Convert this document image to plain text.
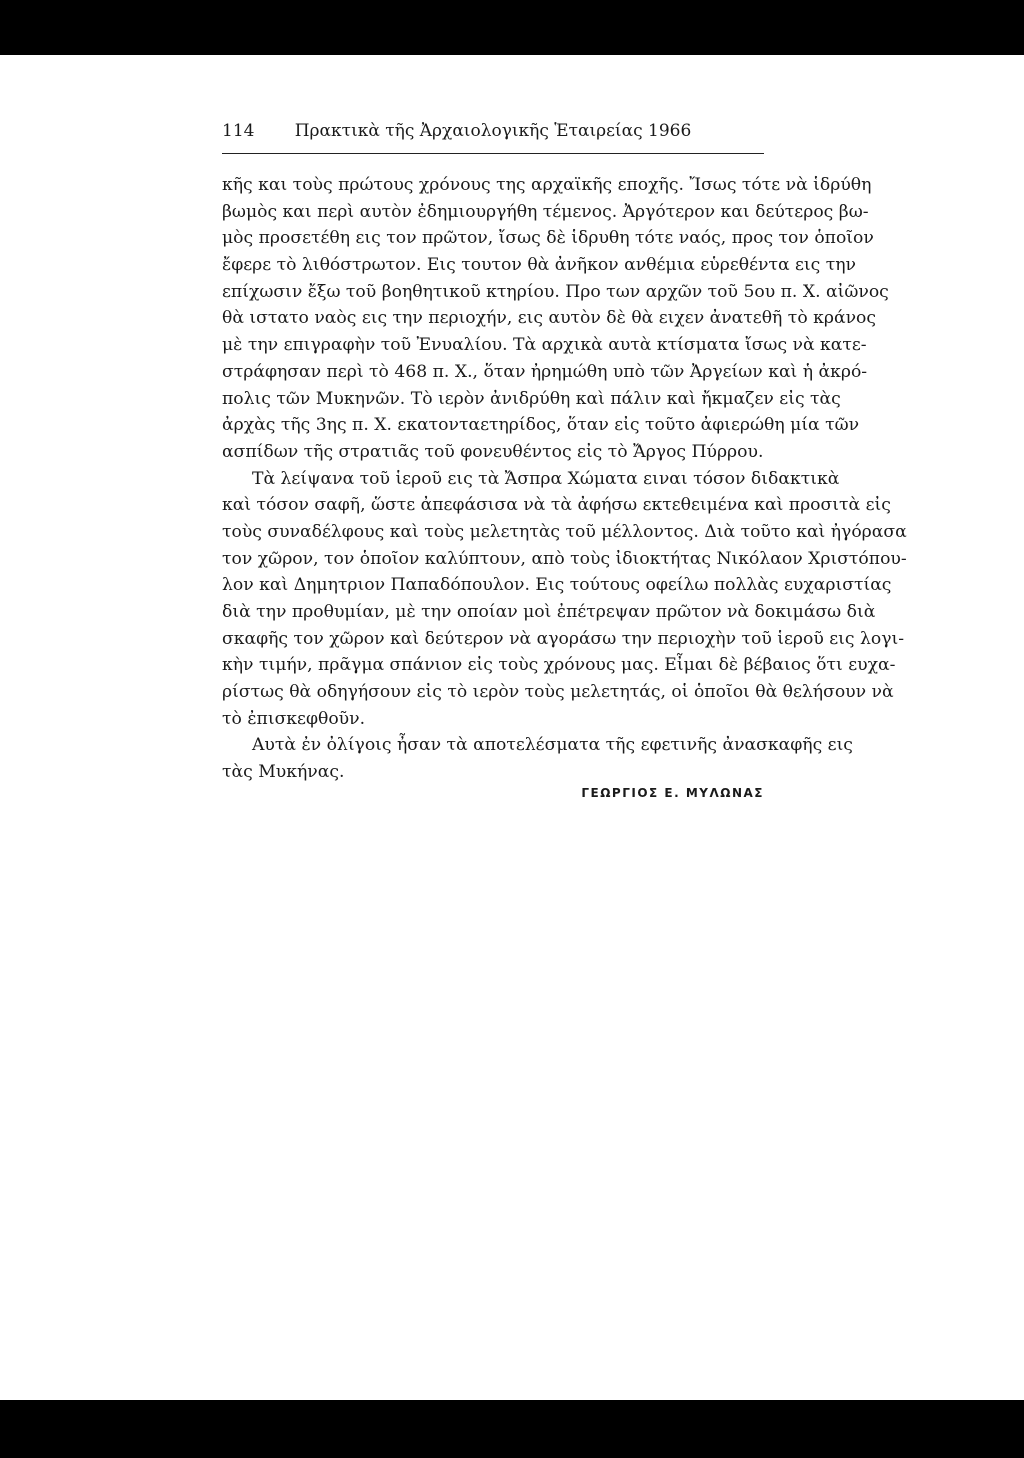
114	Πρακτικὰ τῆς Ἀρχαιολογικῆς Ἑταιρείας 1966
κῆς και τοὺς πρώτους χρόνους της αρχαϊκῆς εποχῆς. Ἴσως τότε νὰ ἱδρύθη
βωμὸς και περὶ αυτὸν ἐδημιουργήθη τέμενος. Ἀργότερον και δεύτερος βω-
μὸς προσετέθη εις τον πρῶτον, ἴσως δὲ ἱδρυθη τότε ναός, προς τον ὁποῖον
ἔφερε τὸ λιθόστρωτον. Εις τουτον θὰ ἀνῆκον ανθέμια εὑρεθέντα εις την
επίχωσιν ἔξω τοῦ βοηθητικοῦ κτηρίου. Προ των αρχῶν τοῦ 5ου π. Χ. αἰῶνος
θὰ ιστατο ναὸς εις την περιοχήν, εις αυτὸν δὲ θὰ ειχεν ἀνατεθῆ τὸ κράνος
μὲ την επιγραφὴν τοῦ Ἐνυαλίου. Τὰ αρχικὰ αυτὰ κτίσματα ἴσως νὰ κατε-
στράφησαν περὶ τὸ 468 π. Χ., ὅταν ἠρημώθη υπὸ τῶν Ἀργείων καὶ ἡ ἀκρό-
πολις τῶν Μυκηνῶν. Τὸ ιερὸν ἀνιδρύθη καὶ πάλιν καὶ ἤκμαζεν εἰς τὰς
ἀρχὰς τῆς 3ης π. Χ. εκατονταετηρίδος, ὅταν εἰς τοῦτο ἀφιερώθη μία τῶν
ασπίδων τῆς στρατιᾶς τοῦ φονευθέντος εἰς τὸ Ἄργος Πύρρου.
Τὰ λείψανα τοῦ ἱεροῦ εις τὰ Ἄσπρα Χώματα ειναι τόσον διδακτικὰ
καὶ τόσον σαφῆ, ὥστε ἀπεφάσισα νὰ τὰ ἀφήσω εκτεθειμένα καὶ προσιτὰ εἰς
τοὺς συναδέλφους καὶ τοὺς μελετητὰς τοῦ μέλλοντος. Διὰ τοῦτο καὶ ἠγόρασα
τον χῶρον, τον ὁποῖον καλύπτουν, απὸ τοὺς ἰδιοκτήτας Νικόλαον Χριστόπου-
λον καὶ Δημητριον Παπαδόπουλον. Εις τούτους οφείλω πολλὰς ευχαριστίας
διὰ την προθυμίαν, μὲ την οποίαν μοὶ ἐπέτρεψαν πρῶτον νὰ δοκιμάσω διὰ
σκαφῆς τον χῶρον καὶ δεύτερον νὰ αγοράσω την περιοχὴν τοῦ ἱεροῦ εις λογι-
κὴν τιμήν, πρᾶγμα σπάνιον εἰς τοὺς χρόνους μας. Εἶμαι δὲ βέβαιος ὅτι ευχα-
ρίστως θὰ οδηγήσουν εἰς τὸ ιερὸν τοὺς μελετητάς, οἱ ὁποῖοι θὰ θελήσουν νὰ
τὸ ἐπισκεφθοῦν.
Αυτὰ ἐν ὀλίγοις ἦσαν τὰ αποτελέσματα τῆς εφετινῆς ἀνασκαφῆς εις
τὰς Μυκήνας.
ΓΕΩΡΓΙΟΣ Ε. ΜΥΛΩΝΑΣ
